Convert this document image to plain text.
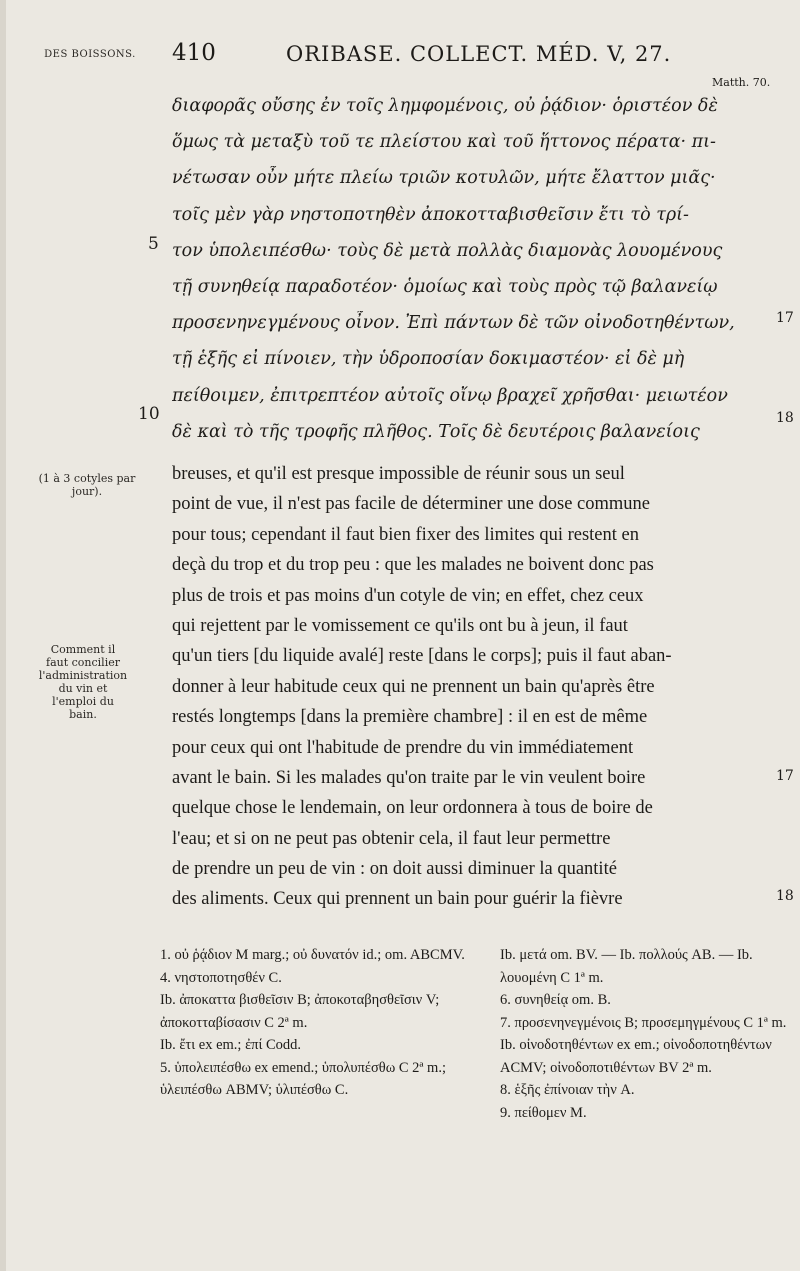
DES BOISSONS. 410	ORIBASE. COLLECT. MÉD. V, 27.
Matth. 70.
διαφορᾶς οὔσης ἐν τοῖς λημφομένοις, οὐ ῥᾴδιον· ὁριστέον δὲ
ὅμως τὰ μεταξὺ τοῦ τε πλείστου καὶ τοῦ ἥττονος πέρατα· πι-
νέτωσαν οὖν μήτε πλείω τριῶν κοτυλῶν, μήτε ἔλαττον μιᾶς·
τοῖς μὲν γὰρ νηστοποτηθὲν ἀποκοτταβισθεῖσιν ἔτι τὸ τρί-
τον ὑπολειπέσθω· τοὺς δὲ μετὰ πολλὰς διαμονὰς λουομένους
τῇ συνηθείᾳ παραδοτέον· ὁμοίως καὶ τοὺς πρὸς τῷ βαλανείῳ
προσενηνεγμένους οἶνον. Ἐπὶ πάντων δὲ τῶν οἰνοδοτηθέντων,
τῇ ἑξῆς εἰ πίνοιεν, τὴν ὑδροποσίαν δοκιμαστέον· εἰ δὲ μὴ
πείθοιμεν, ἐπιτρεπτέον αὐτοῖς οἴνῳ βραχεῖ χρῆσθαι· μειωτέον
δὲ καὶ τὸ τῆς τροφῆς πλῆθος. Τοῖς δὲ δευτέροις βαλανείοις
5
10
17
18
(1 à 3 cotyles par jour).
Comment il faut concilier l'administration du vin et l'emploi du bain.
breuses, et qu'il est presque impossible de réunir sous un seul
point de vue, il n'est pas facile de déterminer une dose commune
pour tous; cependant il faut bien fixer des limites qui restent en
deçà du trop et du trop peu : que les malades ne boivent donc pas
plus de trois et pas moins d'un cotyle de vin; en effet, chez ceux
qui rejettent par le vomissement ce qu'ils ont bu à jeun, il faut
qu'un tiers [du liquide avalé] reste [dans le corps]; puis il faut aban-
donner à leur habitude ceux qui ne prennent un bain qu'après être
restés longtemps [dans la première chambre] : il en est de même
pour ceux qui ont l'habitude de prendre du vin immédiatement
avant le bain. Si les malades qu'on traite par le vin veulent boire
quelque chose le lendemain, on leur ordonnera à tous de boire de
l'eau; et si on ne peut pas obtenir cela, il faut leur permettre
de prendre un peu de vin : on doit aussi diminuer la quantité
des aliments. Ceux qui prennent un bain pour guérir la fièvre
17
18
1. οὐ ῥᾴδιον M marg.; οὐ δυνατόν id.; om. ABCMV.
4. νηστοποτησθέν C.
Ib. ἀποκαττα βισθεῖσιν B; ἀποκοταβησθεῖσιν V; ἀποκοτταβίσασιν C 2ª m.
Ib. ἔτι ex em.; ἐπί Codd.
5. ὑπολειπέσθω ex emend.; ὑπολυπέσθω C 2ª m.; ὑλειπέσθω ABMV; ὑλιπέσθω C.
Ib. μετά om. BV. — Ib. πολλούς AB. — Ib. λουομένη C 1ª m.
6. συνηθείᾳ om. B.
7. προσενηνεγμένοις B; προσεμηγμένους C 1ª m.
Ib. οἰνοδοτηθέντων ex em.; οἰνοδοποτηθέντων ACMV; οἰνοδοποτιθέντων BV 2ª m.
8. ἑξῆς ἐπίνοιαν τὴν A.
9. πείθομεν M.
